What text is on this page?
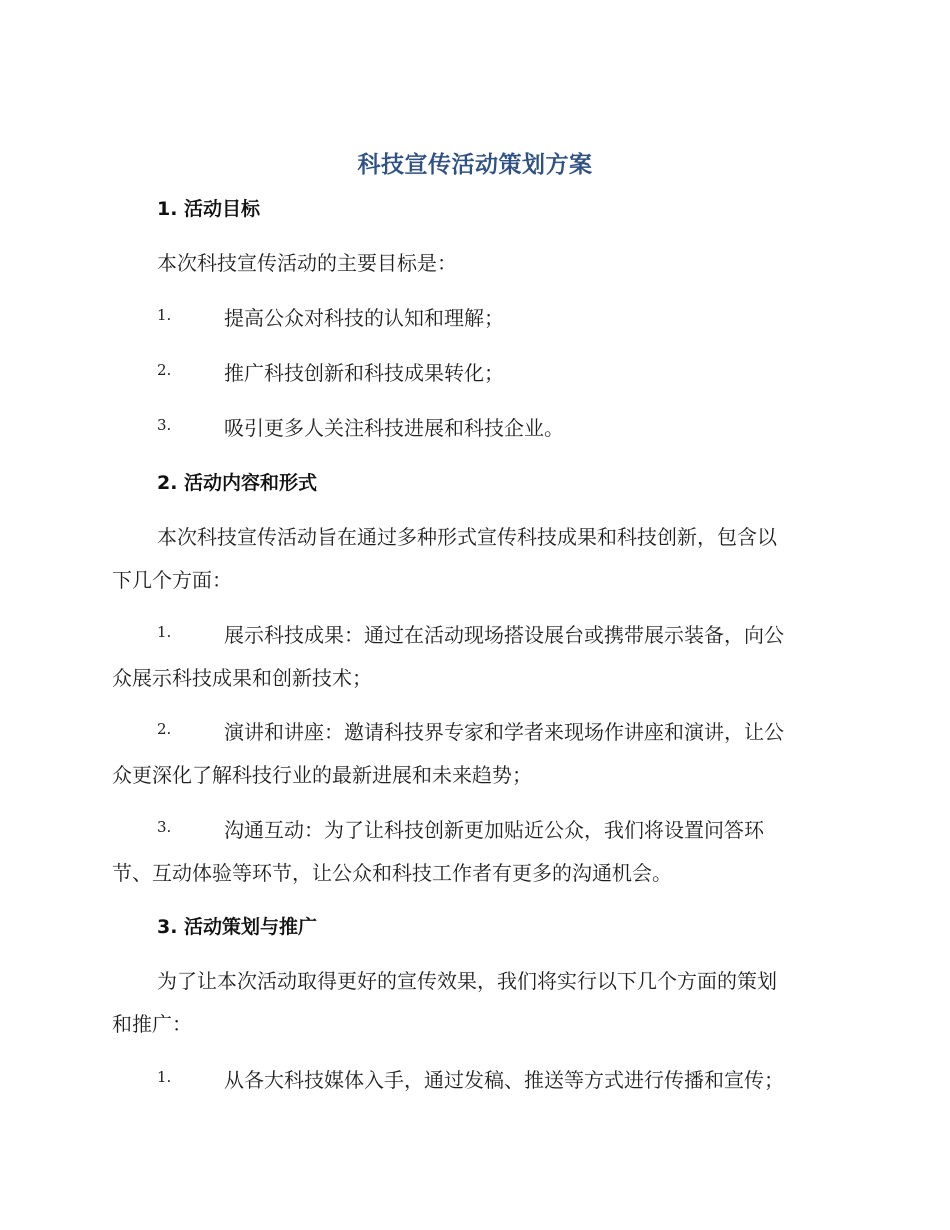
科技宣传活动策划方案
1. 活动目标
本次科技宣传活动的主要目标是：
1.	提高公众对科技的认知和理解；
2.	推广科技创新和科技成果转化；
3.	吸引更多人关注科技进展和科技企业。
2. 活动内容和形式
本次科技宣传活动旨在通过多种形式宣传科技成果和科技创新，包含以
下几个方面：
1.	展示科技成果：通过在活动现场搭设展台或携带展示装备，向公
众展示科技成果和创新技术；
2.	演讲和讲座：邀请科技界专家和学者来现场作讲座和演讲，让公
众更深化了解科技行业的最新进展和未来趋势；
3.	沟通互动：为了让科技创新更加贴近公众，我们将设置问答环
节、互动体验等环节，让公众和科技工作者有更多的沟通机会。
3. 活动策划与推广
为了让本次活动取得更好的宣传效果，我们将实行以下几个方面的策划
和推广：
1.	从各大科技媒体入手，通过发稿、推送等方式进行传播和宣传；
